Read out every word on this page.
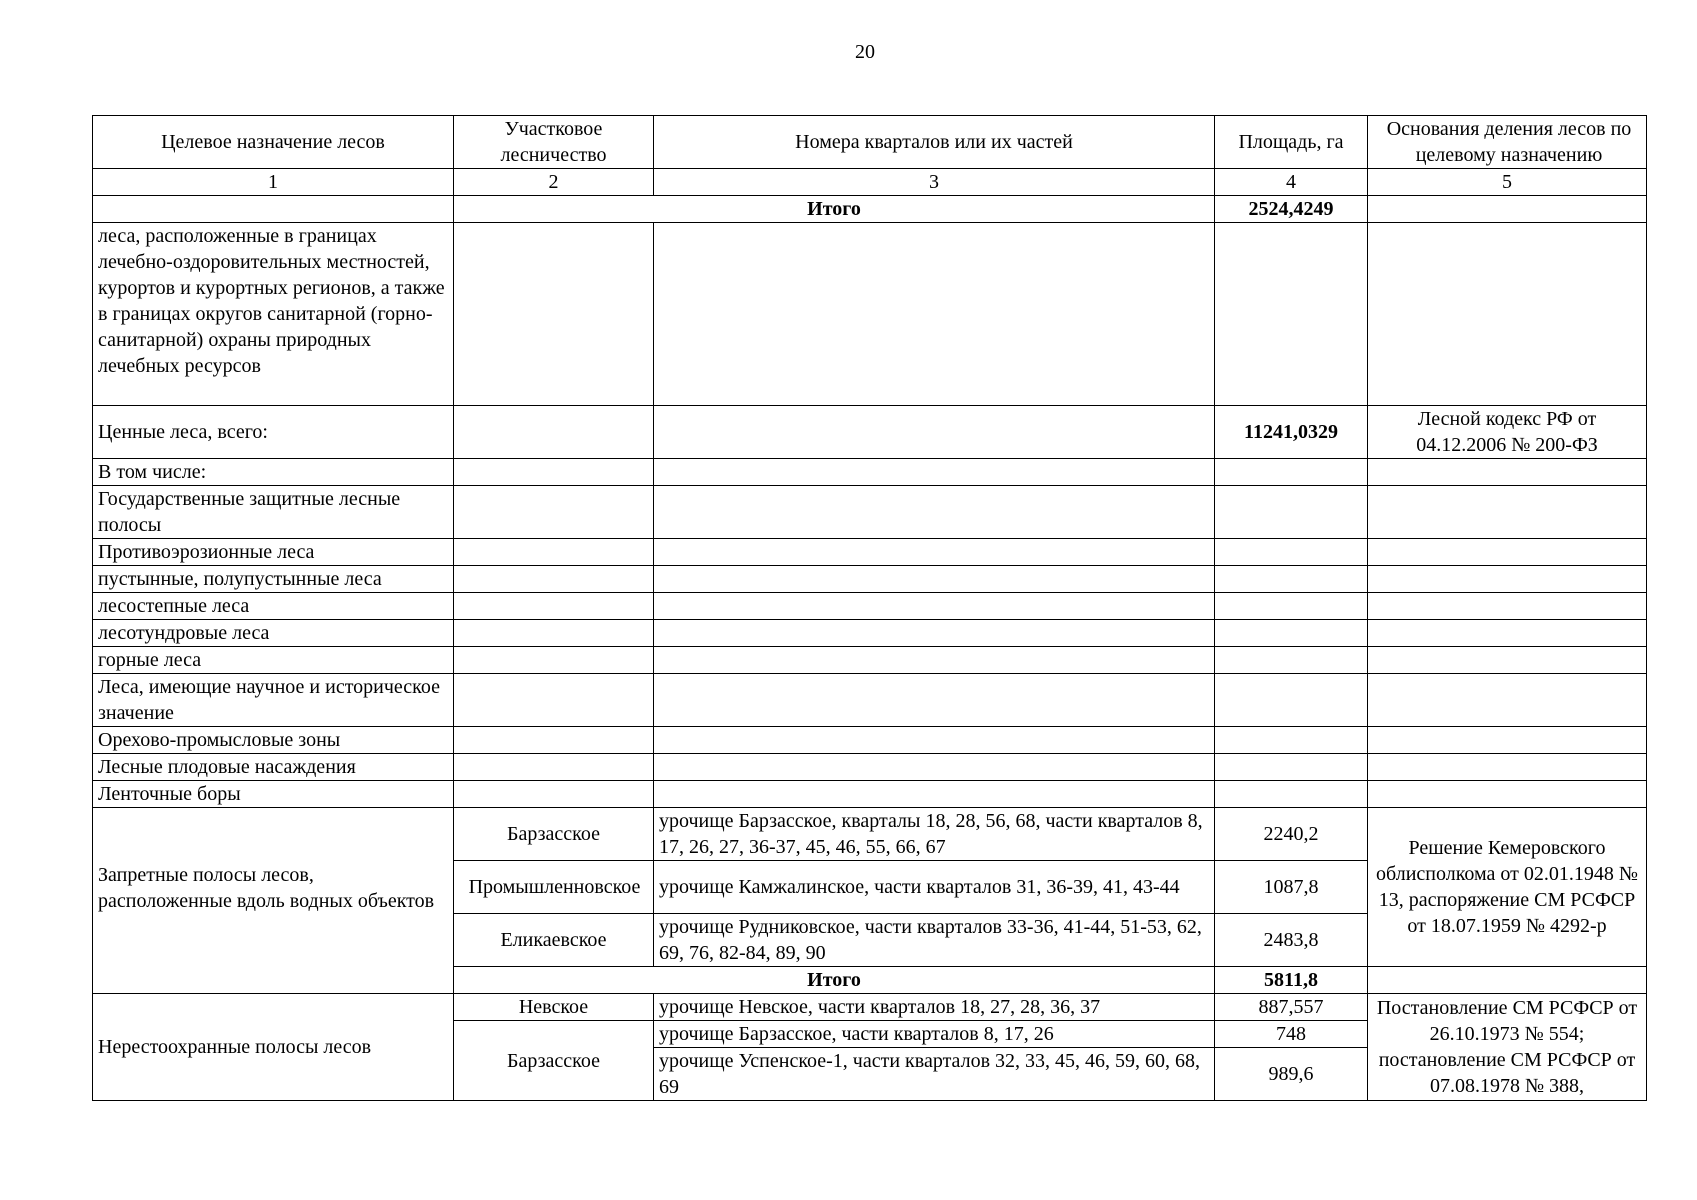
20
Целевое назначение лесов	Участковое лесничество	Номера кварталов или их частей	Площадь, га	Основания деления лесов по целевому назначению
1	2	3	4	5
	Итого		2524,4249	
леса, расположенные в границах лечебно-оздоровительных местностей, курортов и курортных регионов, а также в границах округов санитарной (горно-санитарной) охраны природных лечебных ресурсов				
Ценные леса, всего:			11241,0329	Лесной кодекс РФ от 04.12.2006 № 200-ФЗ
В том числе:				
Государственные защитные лесные полосы				
Противоэрозионные леса				
пустынные, полупустынные леса				
лесостепные леса				
лесотундровые леса				
горные леса				
Леса, имеющие научное и историческое значение				
Орехово-промысловые зоны				
Лесные плодовые насаждения				
Ленточные боры				
Запретные полосы лесов, расположенные вдоль водных объектов	Барзасское	урочище Барзасское, кварталы 18, 28, 56, 68, части кварталов 8, 17, 26, 27, 36-37, 45, 46, 55, 66, 67	2240,2	Решение Кемеровского облисполкома от 02.01.1948 № 13, распоряжение СМ РСФСР от 18.07.1959 № 4292-р
	Промышленновское	урочище Камжалинское, части кварталов 31, 36-39, 41, 43-44	1087,8	
	Еликаевское	урочище Рудниковское, части кварталов 33-36, 41-44, 51-53, 62, 69, 76, 82-84, 89, 90	2483,8	
	Итого		5811,8	
Нерестоохранные полосы лесов	Невское	урочище Невское, части кварталов 18, 27, 28, 36, 37	887,557	Постановление СМ РСФСР от 26.10.1973 № 554; постановление СМ РСФСР от 07.08.1978 № 388,
	Барзасское	урочище Барзасское, части кварталов 8, 17, 26	748	
		урочище Успенское-1, части кварталов 32, 33, 45, 46, 59, 60, 68, 69	989,6	
